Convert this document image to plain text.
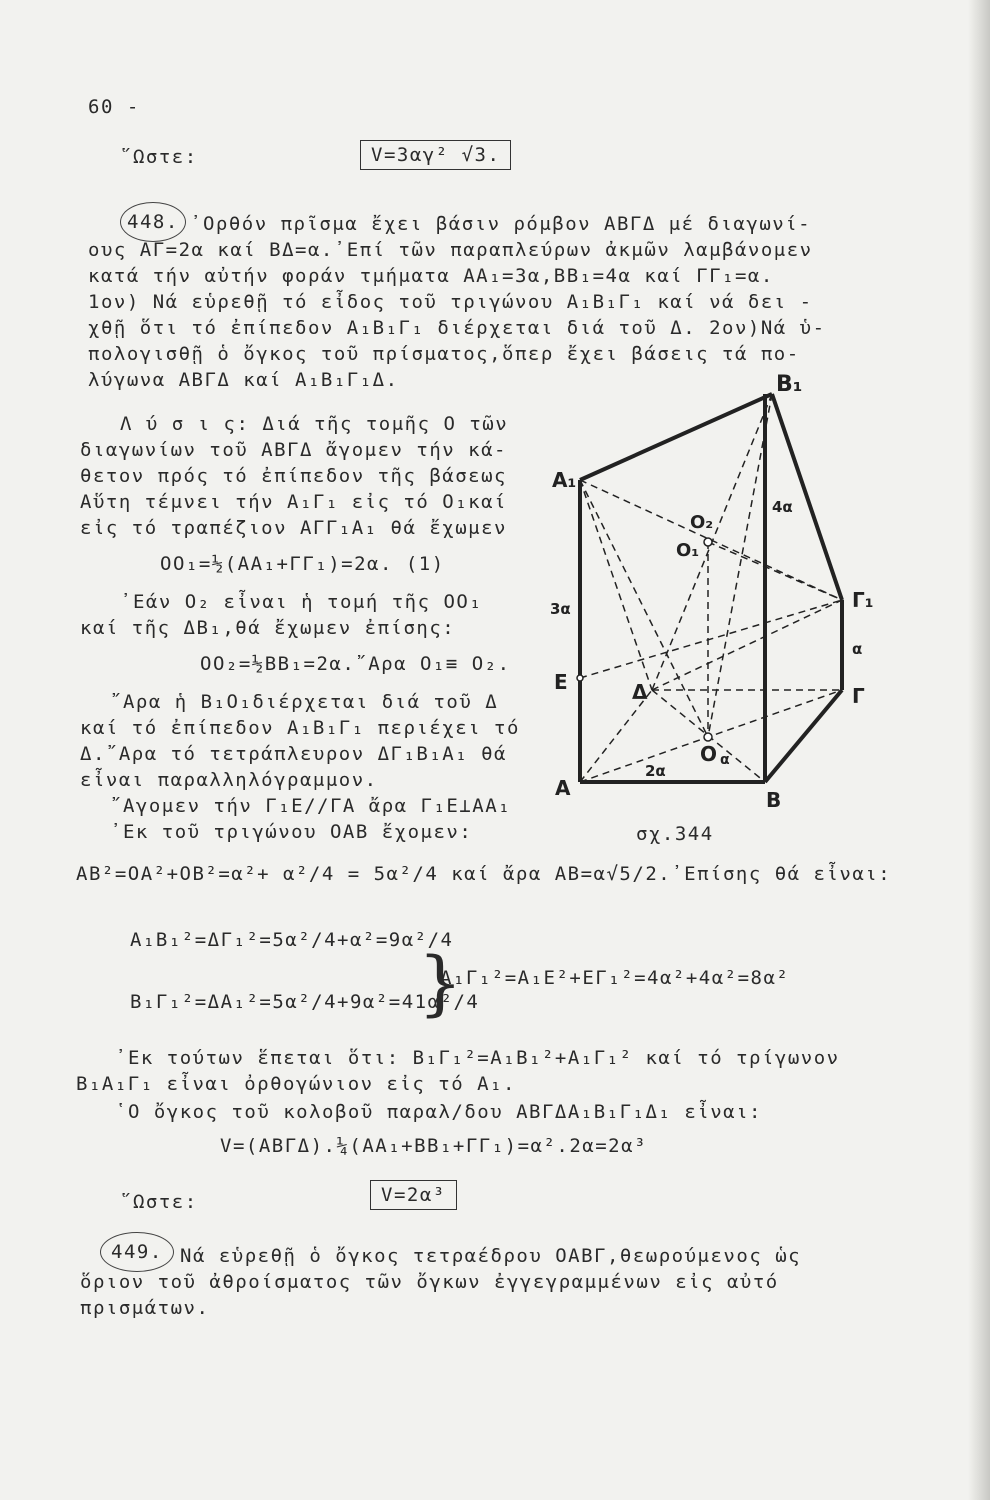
60 -
῞Ωστε:	V=3αγ² √3.
448. ᾿Ορθόν πρῖσμα ἔχει βάσιν ρόμβον ΑΒΓΔ μέ διαγωνί-
ους ΑΓ=2α καί ΒΔ=α.᾿Επί τῶν παραπλεύρων ἀκμῶν λαμβάνομεν
κατά τήν αὐτήν φοράν τμήματα ΑΑ₁=3α,ΒΒ₁=4α καί ΓΓ₁=α.
1ον) Νά εὑρεθῇ τό εἶδος τοῦ τριγώνου Α₁Β₁Γ₁ καί νά δει -
χθῇ ὅτι τό ἐπίπεδον Α₁Β₁Γ₁ διέρχεται διά τοῦ Δ. 2ον)Νά ὑ-
πολογισθῇ ὁ ὄγκος τοῦ πρίσματος,ὅπερ ἔχει βάσεις τά πο-
λύγωνα ΑΒΓΔ καί Α₁Β₁Γ₁Δ.
Λ ύ σ ι ς: Διά τῆς τομῆς Ο τῶν
διαγωνίων τοῦ ΑΒΓΔ ἄγομεν τήν κά-
θετον πρός τό ἐπίπεδον τῆς βάσεως
Αὕτη τέμνει τήν Α₁Γ₁ εἰς τό Ο₁καί
εἰς τό τραπέζιον ΑΓΓ₁Α₁ θά ἔχωμεν
ΟΟ₁=½(ΑΑ₁+ΓΓ₁)=2α. (1)
᾿Εάν Ο₂ εἶναι ἡ τομή τῆς ΟΟ₁
καί τῆς ΔΒ₁,θά ἔχωμεν ἐπίσης:
ΟΟ₂=½ΒΒ₁=2α.῎Αρα Ο₁≡ Ο₂.
῎Αρα ἡ Β₁Ο₁διέρχεται διά τοῦ Δ
καί τό ἐπίπεδον Α₁Β₁Γ₁ περιέχει τό
Δ.῎Αρα τό τετράπλευρον ΔΓ₁Β₁Α₁ θά
εἶναι παραλληλόγραμμον.
῎Αγομεν τήν Γ₁Ε//ΓΑ ἄρα Γ₁Ε⊥ΑΑ₁
᾿Εκ τοῦ τριγώνου ΟΑΒ ἔχομεν:
B₁
A₁
O₂
O₁
4α
Γ₁
3α
α
E	Δ	Γ
O α
2α
A	B
σχ.344
ΑΒ²=ΟΑ²+ΟΒ²=α²+ α²/4 = 5α²/4 καί ἄρα ΑΒ=α√5/2.᾿Επίσης θά εἶναι:
Α₁Β₁²=ΔΓ₁²=5α²/4+α²=9α²/4
Β₁Γ₁²=ΔΑ₁²=5α²/4+9α²=41α²/4
}
Α₁Γ₁²=Α₁Ε²+ΕΓ₁²=4α²+4α²=8α²
᾿Εκ τούτων ἕπεται ὅτι: Β₁Γ₁²=Α₁Β₁²+Α₁Γ₁² καί τό τρίγωνον
Β₁Α₁Γ₁ εἶναι ὀρθογώνιον εἰς τό Α₁.
῾Ο ὄγκος τοῦ κολοβοῦ παραλ/δου ΑΒΓΔΑ₁Β₁Γ₁Δ₁ εἶναι:
V=(ΑΒΓΔ).¼(ΑΑ₁+ΒΒ₁+ΓΓ₁)=α².2α=2α³
῞Ωστε:	V=2α³
449. Νά εὑρεθῇ ὁ ὄγκος τετραέδρου ΟΑΒΓ,θεωρούμενος ὡς
ὅριον τοῦ ἀθροίσματος τῶν ὄγκων ἐγγεγραμμένων εἰς αὐτό
πρισμάτων.
